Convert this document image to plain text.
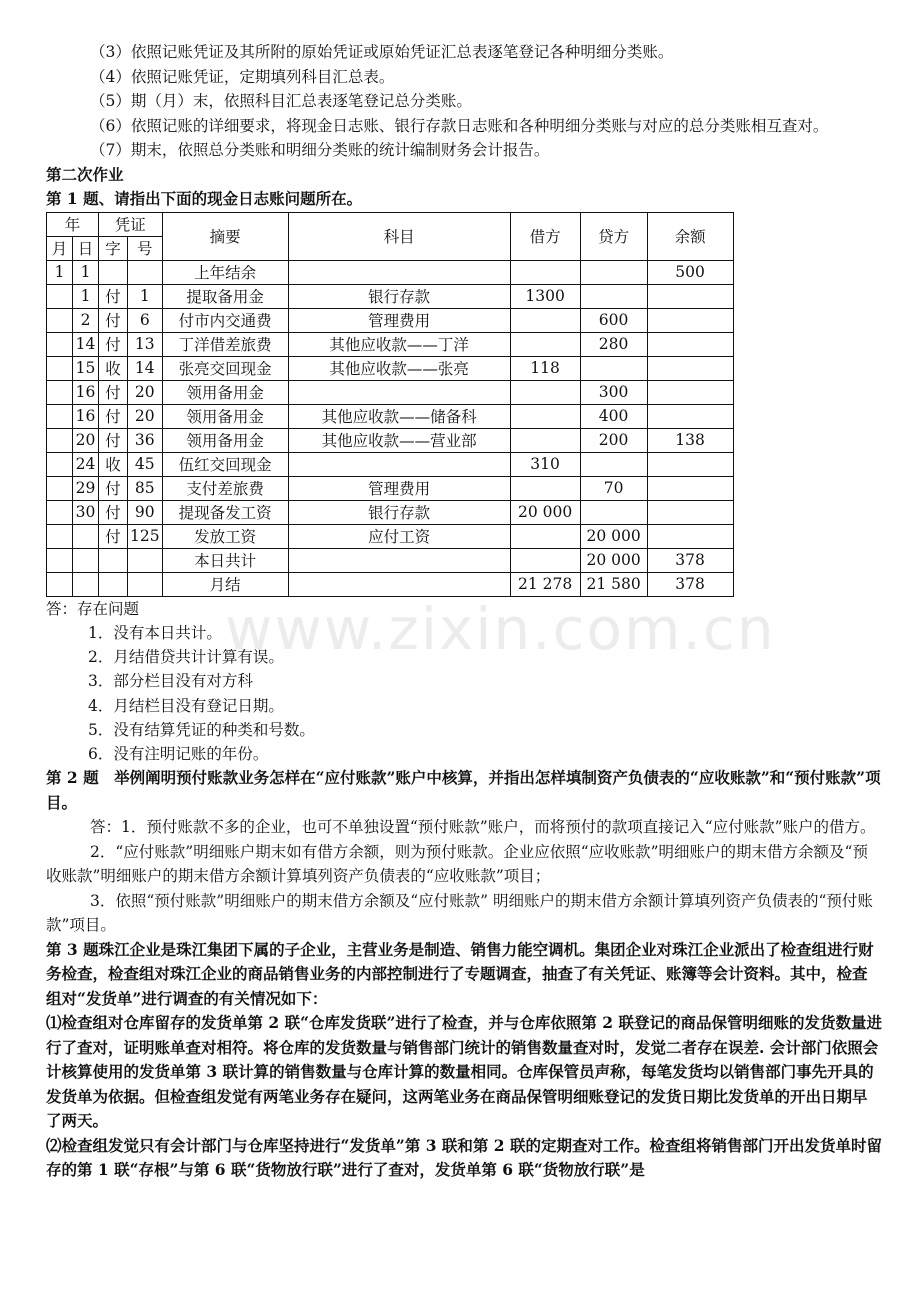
（3）依照记账凭证及其所附的原始凭证或原始凭证汇总表逐笔登记各种明细分类账。

（4）依照记账凭证，定期填列科目汇总表。

（5）期（月）末，依照科目汇总表逐笔登记总分类账。

（6）依照记账的详细要求，将现金日志账、银行存款日志账和各种明细分类账与对应的总分类账相互查对。

（7）期末，依照总分类账和明细分类账的统计编制财务会计报告。

第二次作业

第 1 题、请指出下面的现金日志账问题所在。

年		凭证		摘要	科目	借方	贷方	余额
月	日	字	号					
1	1			上年结余				500
	1	付	1	提取备用金	银行存款	1300		
	2	付	6	付市内交通费	管理费用		600	
	14	付	13	丁洋借差旅费	其他应收款——丁洋		280	
	15	收	14	张亮交回现金	其他应收款——张亮	118		
	16	付	20	领用备用金			300	
	16	付	20	领用备用金	其他应收款——储备科		400	
	20	付	36	领用备用金	其他应收款——营业部		200	138
	24	收	45	伍红交回现金		310		
	29	付	85	支付差旅费	管理费用		70	
	30	付	90	提现备发工资	银行存款	20 000		
		付	125	发放工资	应付工资		20 000	
				本日共计			20 000	378
				月结		21 278	21 580	378

答：存在问题

1．没有本日共计。

2．月结借贷共计计算有误。

3．部分栏目没有对方科

4．月结栏目没有登记日期。

5．没有结算凭证的种类和号数。

6．没有注明记账的年份。

第 2 题　举例阐明预付账款业务怎样在“应付账款”账户中核算，并指出怎样填制资产负债表的“应收账款”和“预付账款”项目。

答：1．预付账款不多的企业，也可不单独设置“预付账款”账户，而将预付的款项直接记入“应付账款”账户的借方。

2．“应付账款”明细账户期末如有借方余额，则为预付账款。企业应依照“应收账款”明细账户的期末借方余额及“预收账款”明细账户的期末借方余额计算填列资产负债表的“应收账款”项目；

3．依照“预付账款”明细账户的期末借方余额及“应付账款” 明细账户的期末借方余额计算填列资产负债表的“预付账款”项目。

第 3 题珠江企业是珠江集团下属的子企业，主营业务是制造、销售力能空调机。集团企业对珠江企业派出了检查组进行财务检查，检查组对珠江企业的商品销售业务的内部控制进行了专题调查，抽查了有关凭证、账簿等会计资料。其中，检查组对“发货单”进行调查的有关情况如下：

⑴检查组对仓库留存的发货单第 2 联“仓库发货联”进行了检查，并与仓库依照第 2 联登记的商品保管明细账的发货数量进行了查对，证明账单查对相符。将仓库的发货数量与销售部门统计的销售数量查对时，发觉二者存在误差. 会计部门依照会计核算使用的发货单第 3 联计算的销售数量与仓库计算的数量相同。仓库保管员声称，每笔发货均以销售部门事先开具的发货单为依据。但检查组发觉有两笔业务存在疑问，这两笔业务在商品保管明细账登记的发货日期比发货单的开出日期早了两天。

⑵检查组发觉只有会计部门与仓库坚持进行“发货单”第 3 联和第 2 联的定期查对工作。检查组将销售部门开出发货单时留存的第 1 联“存根”与第 6 联“货物放行联”进行了查对，发货单第 6 联“货物放行联”是

www.zixin.com.cn
